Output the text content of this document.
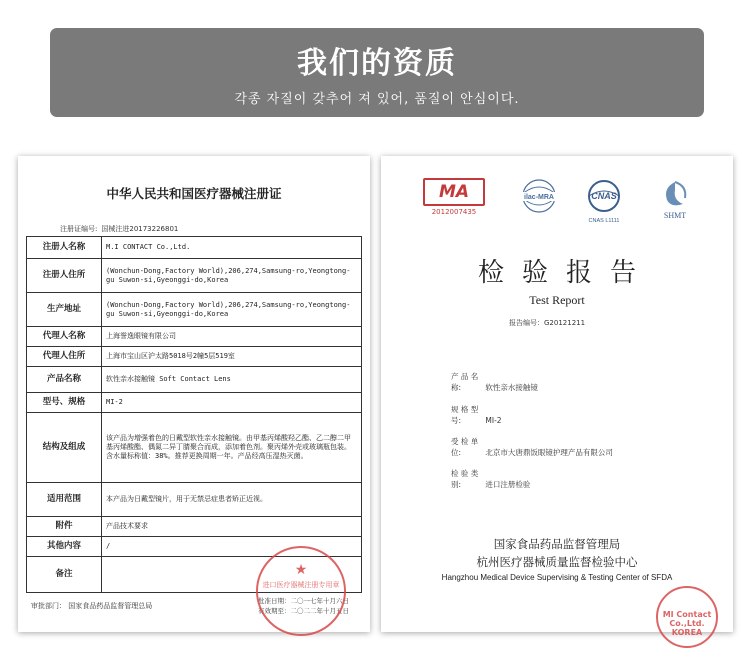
我们的资质
각종 자질이 갖추어 져 있어, 품질이 안심이다.
中华人民共和国医疗器械注册证
注册证编号: 国械注进20173226801
注册人名称	M.I CONTACT Co.,Ltd.
注册人住所	(Wonchun-Dong,Factory World),206,274,Samsung-ro,Yeongtong-gu Suwon-si,Gyeonggi-do,Korea
生产地址	(Wonchun-Dong,Factory World),206,274,Samsung-ro,Yeongtong-gu Suwon-si,Gyeonggi-do,Korea
代理人名称	上海誉逸眼镜有限公司
代理人住所	上海市宝山区沪太路5018号2幢5层519室
产品名称	软性亲水接触镜 Soft Contact Lens
型号、规格	MI-2
结构及组成	该产品为增强着色的日戴型软性亲水接触镜。由甲基丙烯酸羟乙酯、乙二醇二甲基丙烯酸酯、偶氮二异丁腈聚合而成，添加着色剂。聚丙烯外壳或玻璃瓶包装。含水量标称值：38%。推荐更换周期一年。产品经高压湿热灭菌。
适用范围	本产品为日戴型镜片，用于无禁忌症患者矫正近视。
附件	产品技术要求
其他内容	/
备注	
审批部门： 国家食品药品监督管理总局
批准日期：二〇一七年十月六日
有效期至：二〇二二年十月五日
★
进口医疗器械注册专用章
MA
2012007435
ilac-MRA	CNAS
CNAS L1111
SHMT
检验报告
Test Report
报告编号：G20121211
产 品 名 称:	软性亲水接触镜
规 格 型 号:	MI-2
受 检 单 位:	北京市大唐鼎饭眼镜护理产品有限公司
检 验 类 别:	进口注册检验
国家食品药品监督管理局
杭州医疗器械质量监督检验中心
Hangzhou Medical Device Supervising & Testing Center of SFDA
MI Contact Co.,Ltd. KOREA
